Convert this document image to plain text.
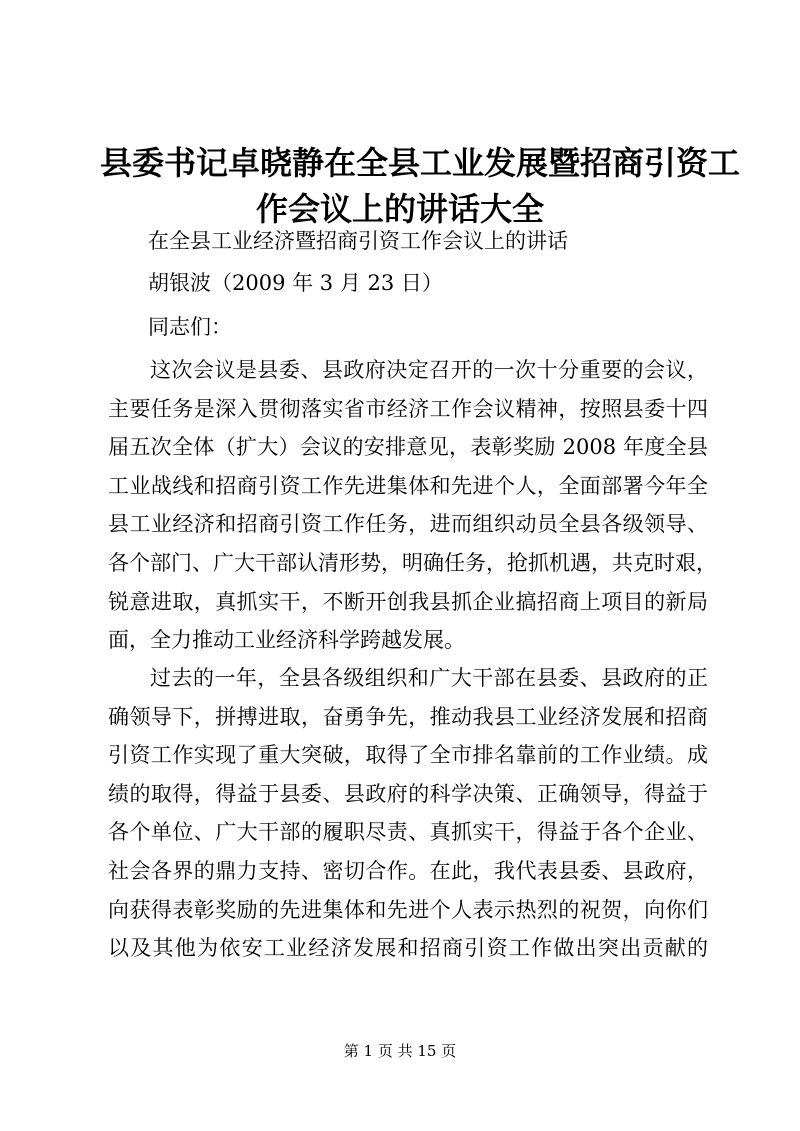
县委书记卓晓静在全县工业发展暨招商引资工
作会议上的讲话大全
在全县工业经济暨招商引资工作会议上的讲话
胡银波（2009 年 3 月 23 日）
同志们：
这次会议是县委、县政府决定召开的一次十分重要的会议，
主要任务是深入贯彻落实省市经济工作会议精神，按照县委十四
届五次全体（扩大）会议的安排意见，表彰奖励 2008 年度全县
工业战线和招商引资工作先进集体和先进个人，全面部署今年全
县工业经济和招商引资工作任务，进而组织动员全县各级领导、
各个部门、广大干部认清形势，明确任务，抢抓机遇，共克时艰，
锐意进取，真抓实干，不断开创我县抓企业搞招商上项目的新局
面，全力推动工业经济科学跨越发展。
过去的一年，全县各级组织和广大干部在县委、县政府的正
确领导下，拼搏进取，奋勇争先，推动我县工业经济发展和招商
引资工作实现了重大突破，取得了全市排名靠前的工作业绩。成
绩的取得，得益于县委、县政府的科学决策、正确领导，得益于
各个单位、广大干部的履职尽责、真抓实干，得益于各个企业、
社会各界的鼎力支持、密切合作。在此，我代表县委、县政府，
向获得表彰奖励的先进集体和先进个人表示热烈的祝贺，向你们
以及其他为依安工业经济发展和招商引资工作做出突出贡献的
第 1 页 共 15 页
